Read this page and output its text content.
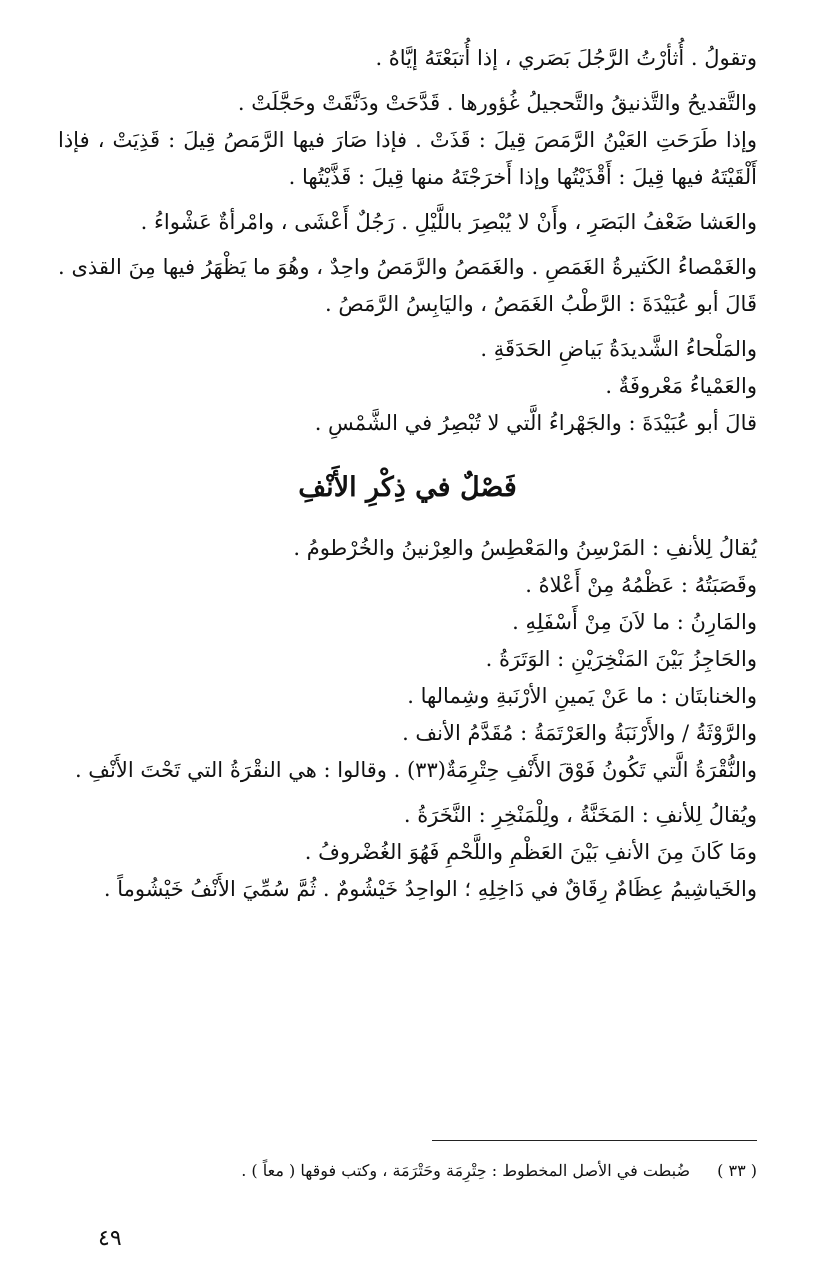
وتقولُ . أُثأرْتُ الرَّجُلَ بَصَري ، إذا أُتبَعْتَهُ إيَّاهُ .

والتَّقديحُ والتَّذنيقُ والتَّحجيلُ غُؤورها . قَدَّحَتْ ودَنَّقَتْ وحَجَّلَتْ .

وإذا طَرَحَتِ العَيْنُ الرَّمَصَ قِيلَ : قَذَتْ . فإذا صَارَ فيها الرَّمَصُ قِيلَ : قَذِيَتْ ، فإذا أَلْقَيْتَهُ فيها قِيلَ : أَقْذَيْتُها وإذا أَخرَجْتَهُ منها قِيلَ : قَذَّيْتُها .

والعَشا ضَعْفُ البَصَرِ ، وأَنْ لا يُبْصِرَ باللَّيْلِ . رَجُلٌ أَعْشَى ، وامْرأةٌ عَشْواءُ .

والغَمْصاءُ الكَثيرةُ الغَمَصِ . والغَمَصُ والرَّمَصُ واحِدٌ ، وهُوَ ما يَظْهَرُ فيها مِنَ القذى . قَالَ أبو عُبَيْدَةَ : الرَّطْبُ الغَمَصُ ، واليَابِسُ الرَّمَصُ .

والمَلْحاءُ الشَّديدَةُ بَياضِ الحَدَقَةِ .

والعَمْياءُ مَعْروفَةٌ .

قالَ أبو عُبَيْدَةَ : والجَهْراءُ الَّتي لا تُبْصِرُ في الشَّمْسِ .

فَصْلٌ في ذِكْرِ الأَنْفِ

يُقالُ لِلأنفِ : المَرْسِنُ والمَعْطِسُ والعِرْنينُ والخُرْطومُ .

وقَصَبَتُهُ : عَظْمُهُ مِنْ أَعْلاهُ .

والمَارِنُ : ما لاَنَ مِنْ أَسْفَلِهِ .

والحَاجِزُ بَيْنَ المَنْخِرَيْنِ : الوَتَرَةُ .

والخنابتَان : ما عَنْ يَمينِ الأرْنَبةِ وشِمالها .

والرَّوْثَةُ / والأَرْنَبَةُ والعَرْتَمَةُ : مُقَدَّمُ الأنف .

والنُّقْرَةُ الَّتي تَكُونُ فَوْقَ الأَنْفِ حِتْرِمَةٌ(٣٣) . وقالوا : هي النقْرَةُ التي تَحْتَ الأَنْفِ .

ويُقالُ لِلأنفِ : المَخَنَّةُ ، ولِلْمَنْخِرِ : النَّخَرَةُ .

ومَا كَانَ مِنَ الأنفِ بَيْنَ العَظْمِ واللَّحْمِ فَهُوَ الغُضْروفُ .

والخَياشِيمُ عِظَامٌ رِقَاقٌ في دَاخِلِهِ ؛ الواحِدُ خَيْشُومٌ . ثُمَّ سُمِّيَ الأَنْفُ خَيْشُوماً .

( ٣٣ ) ضُبطت في الأصل المخطوط : حِتْرِمَة وحَتْرَمَة ، وكتب فوقها ( معاً ) .
٤٩
